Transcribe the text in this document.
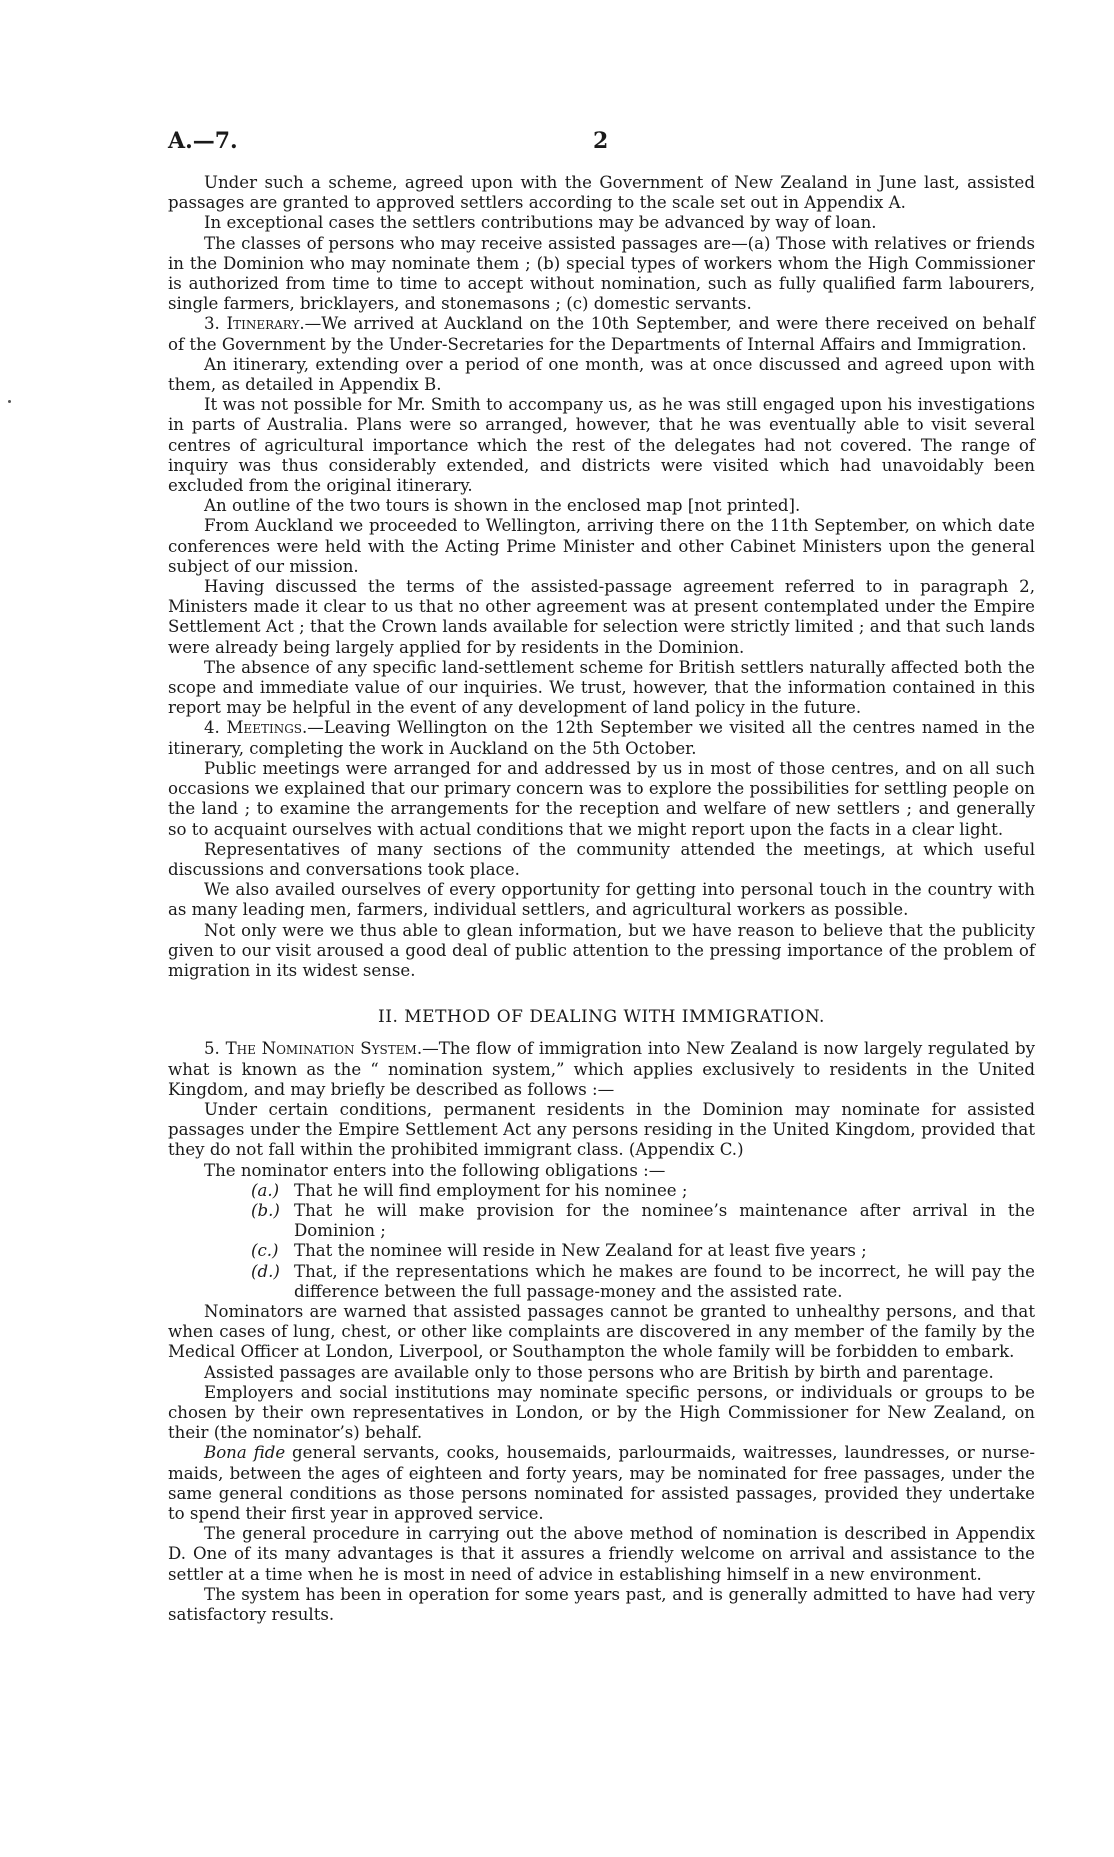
A.—7.	2

Under such a scheme, agreed upon with the Government of New Zealand in June last, assisted passages are granted to approved settlers according to the scale set out in Appendix A.

In exceptional cases the settlers contributions may be advanced by way of loan.

The classes of persons who may receive assisted passages are—(a) Those with relatives or friends in the Dominion who may nominate them ; (b) special types of workers whom the High Commissioner is authorized from time to time to accept without nomination, such as fully qualified farm labourers, single farmers, bricklayers, and stonemasons ; (c) domestic servants.

3. Itinerary.—We arrived at Auckland on the 10th September, and were there received on behalf of the Government by the Under-Secretaries for the Departments of Internal Affairs and Immigration.

An itinerary, extending over a period of one month, was at once discussed and agreed upon with them, as detailed in Appendix B.

It was not possible for Mr. Smith to accompany us, as he was still engaged upon his investigations in parts of Australia. Plans were so arranged, however, that he was eventually able to visit several centres of agricultural importance which the rest of the delegates had not covered. The range of inquiry was thus considerably extended, and districts were visited which had unavoidably been excluded from the original itinerary.

An outline of the two tours is shown in the enclosed map [not printed].

From Auckland we proceeded to Wellington, arriving there on the 11th September, on which date conferences were held with the Acting Prime Minister and other Cabinet Ministers upon the general subject of our mission.

Having discussed the terms of the assisted-passage agreement referred to in paragraph 2, Ministers made it clear to us that no other agreement was at present contemplated under the Empire Settlement Act ; that the Crown lands available for selection were strictly limited ; and that such lands were already being largely applied for by residents in the Dominion.

The absence of any specific land-settlement scheme for British settlers naturally affected both the scope and immediate value of our inquiries. We trust, however, that the information contained in this report may be helpful in the event of any development of land policy in the future.

4. Meetings.—Leaving Wellington on the 12th September we visited all the centres named in the itinerary, completing the work in Auckland on the 5th October.

Public meetings were arranged for and addressed by us in most of those centres, and on all such occasions we explained that our primary concern was to explore the possibilities for settling people on the land ; to examine the arrangements for the reception and welfare of new settlers ; and generally so to acquaint ourselves with actual conditions that we might report upon the facts in a clear light.

Representatives of many sections of the community attended the meetings, at which useful discussions and conversations took place.

We also availed ourselves of every opportunity for getting into personal touch in the country with as many leading men, farmers, individual settlers, and agricultural workers as possible.

Not only were we thus able to glean information, but we have reason to believe that the publicity given to our visit aroused a good deal of public attention to the pressing importance of the problem of migration in its widest sense.

II. METHOD OF DEALING WITH IMMIGRATION.

5. The Nomination System.—The flow of immigration into New Zealand is now largely regulated by what is known as the “ nomination system,” which applies exclusively to residents in the United Kingdom, and may briefly be described as follows :—

Under certain conditions, permanent residents in the Dominion may nominate for assisted passages under the Empire Settlement Act any persons residing in the United Kingdom, provided that they do not fall within the prohibited immigrant class. (Appendix C.)

The nominator enters into the following obligations :—

(a.) That he will find employment for his nominee ;
(b.) That he will make provision for the nominee’s maintenance after arrival in the Dominion ;
(c.) That the nominee will reside in New Zealand for at least five years ;
(d.) That, if the representations which he makes are found to be incorrect, he will pay the difference between the full passage-money and the assisted rate.

Nominators are warned that assisted passages cannot be granted to unhealthy persons, and that when cases of lung, chest, or other like complaints are discovered in any member of the family by the Medical Officer at London, Liverpool, or Southampton the whole family will be forbidden to embark.

Assisted passages are available only to those persons who are British by birth and parentage.

Employers and social institutions may nominate specific persons, or individuals or groups to be chosen by their own representatives in London, or by the High Commissioner for New Zealand, on their (the nominator’s) behalf.

Bona fide general servants, cooks, housemaids, parlourmaids, waitresses, laundresses, or nurse-maids, between the ages of eighteen and forty years, may be nominated for free passages, under the same general conditions as those persons nominated for assisted passages, provided they undertake to spend their first year in approved service.

The general procedure in carrying out the above method of nomination is described in Appendix D. One of its many advantages is that it assures a friendly welcome on arrival and assistance to the settler at a time when he is most in need of advice in establishing himself in a new environment.

The system has been in operation for some years past, and is generally admitted to have had very satisfactory results.
